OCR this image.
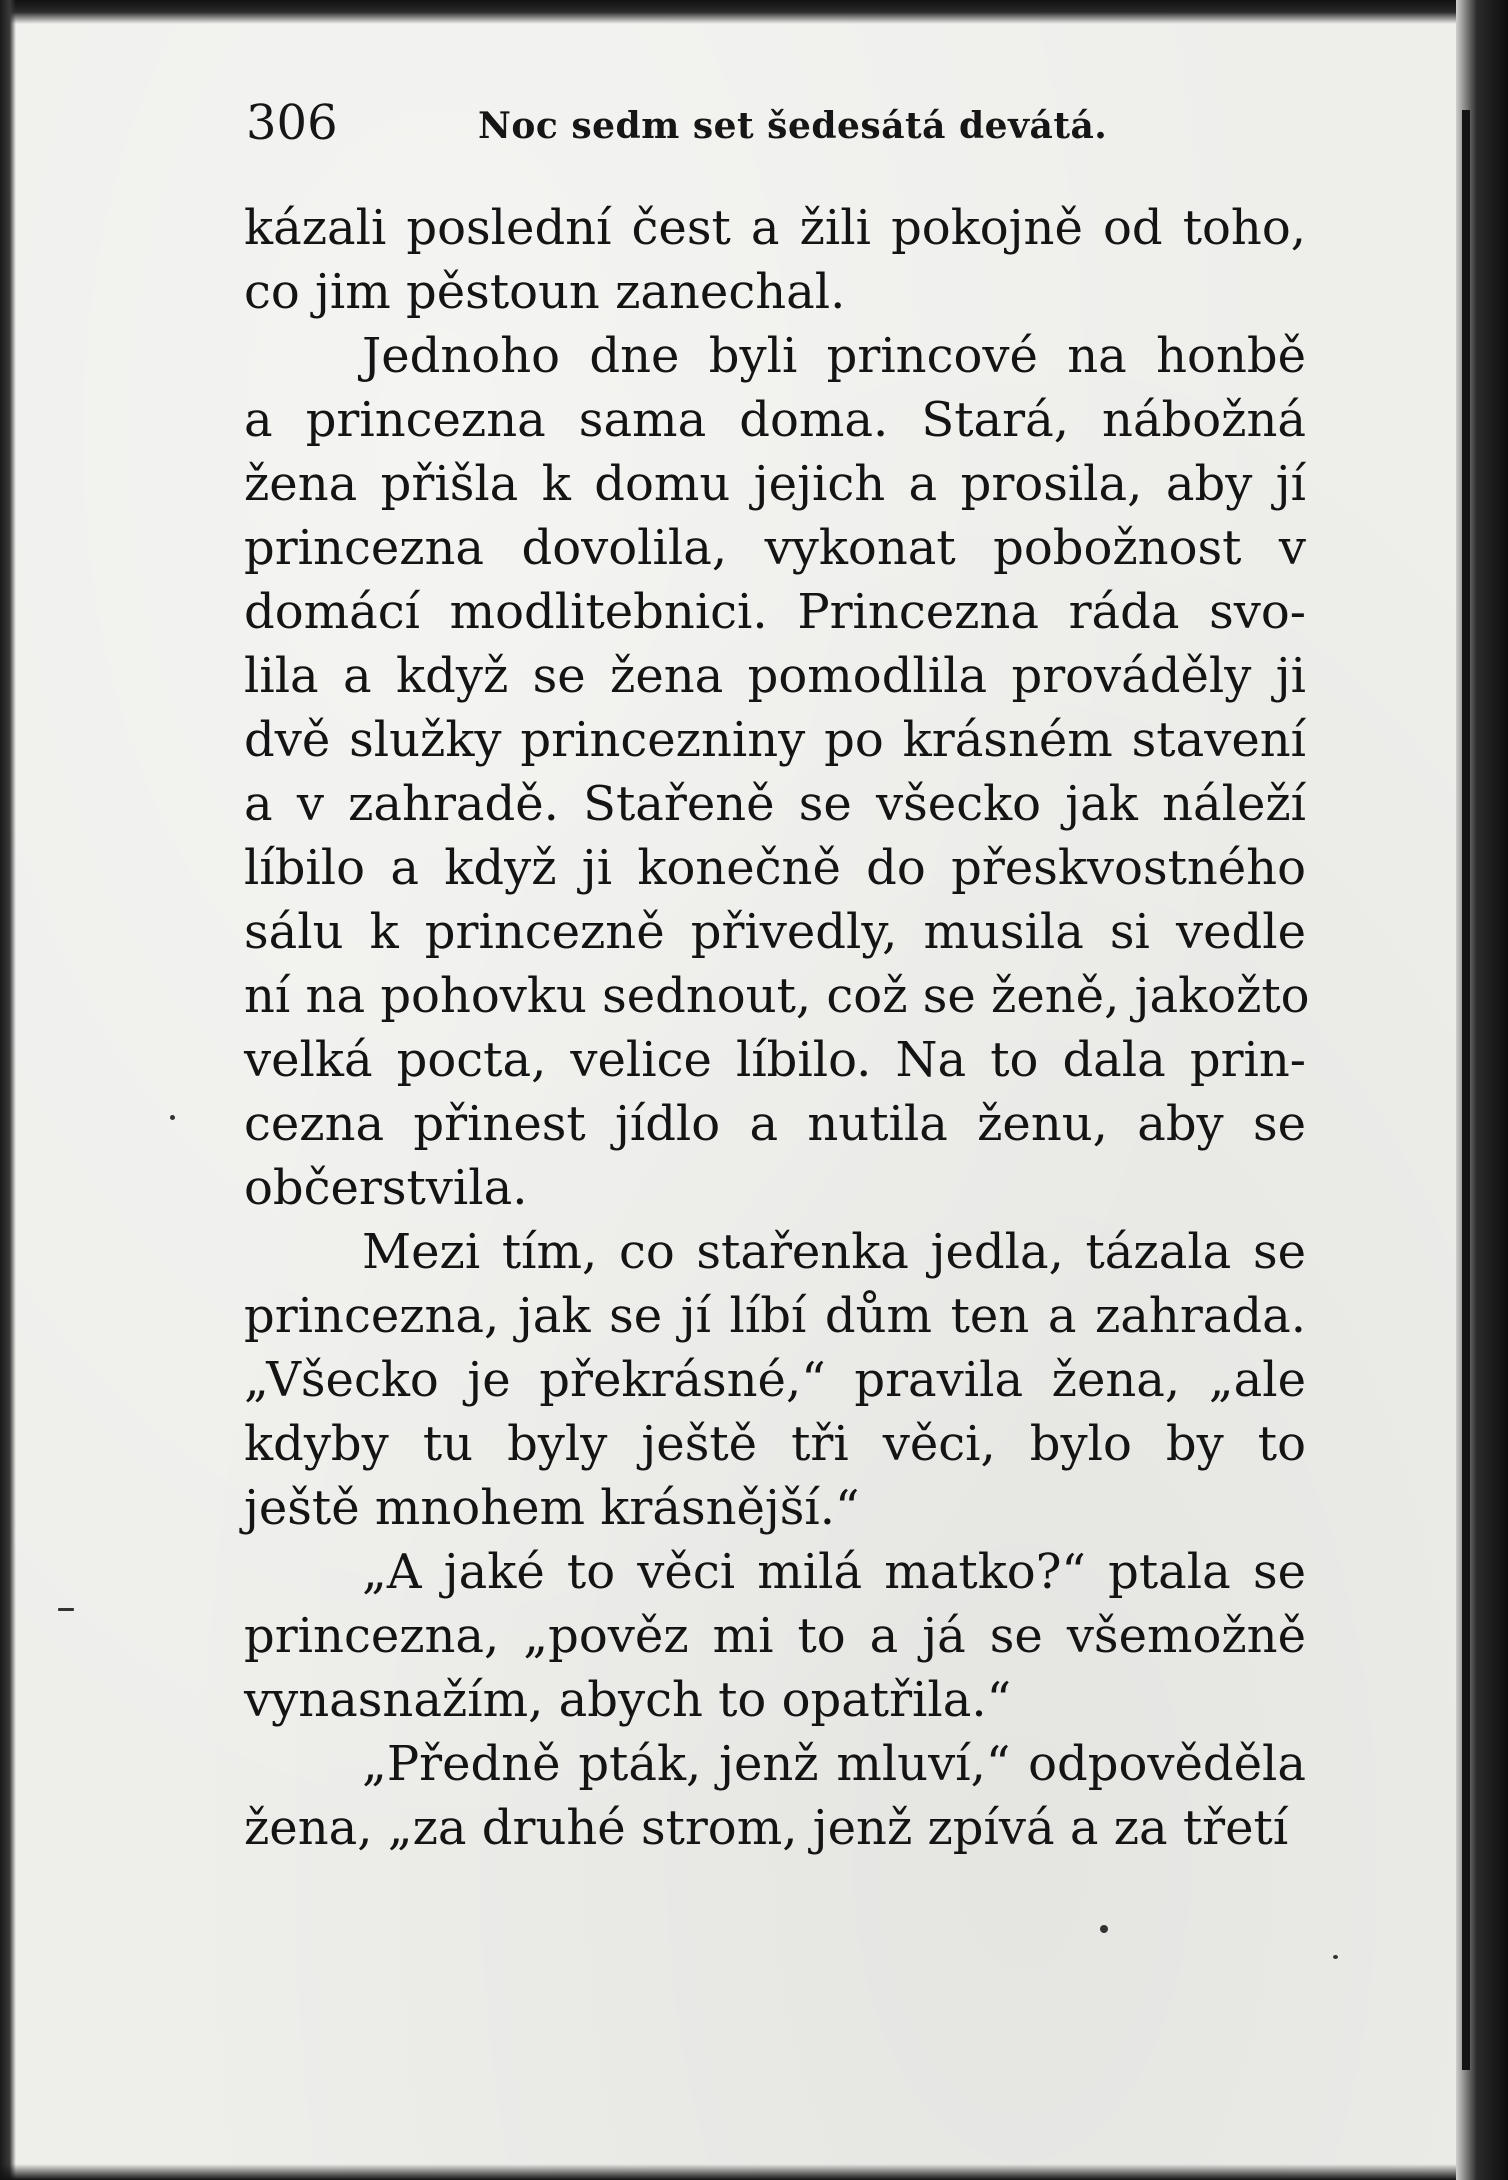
306	Noc sedm set šedesátá devátá.
kázali poslední čest a žili pokojně od toho,
co jim pěstoun zanechal.
Jednoho dne byli princové na honbě
a princezna sama doma. Stará, nábožná
žena přišla k domu jejich a prosila, aby jí
princezna dovolila, vykonat pobožnost v
domácí modlitebnici. Princezna ráda svo-
lila a když se žena pomodlila prováděly ji
dvě služky princezniny po krásném stavení
a v zahradě. Stařeně se všecko jak náleží
líbilo a když ji konečně do přeskvostného
sálu k princezně přivedly, musila si vedle
ní na pohovku sednout, což se ženě, jakožto
velká pocta, velice líbilo. Na to dala prin-
cezna přinest jídlo a nutila ženu, aby se
občerstvila.
Mezi tím, co stařenka jedla, tázala se
princezna, jak se jí líbí dům ten a zahrada.
„Všecko je překrásné,“ pravila žena, „ale
kdyby tu byly ještě tři věci, bylo by to
ještě mnohem krásnější.“
„A jaké to věci milá matko?“ ptala se
princezna, „pověz mi to a já se všemožně
vynasnažím, abych to opatřila.“
„Předně pták, jenž mluví,“ odpověděla
žena, „za druhé strom, jenž zpívá a za třetí
